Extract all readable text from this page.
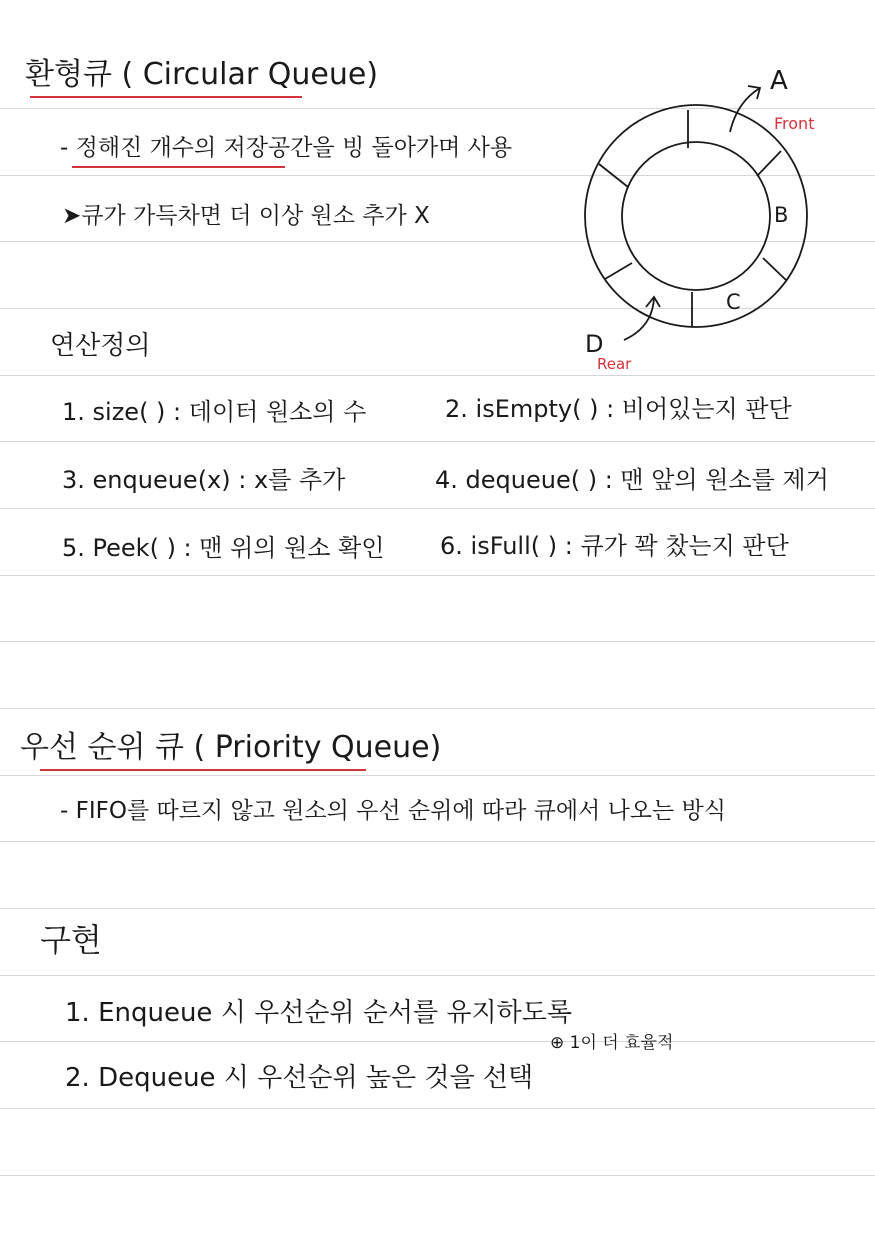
환형큐 ( Circular Queue)
- 정해진 개수의 저장공간을 빙 돌아가며 사용
➤큐가 가득차면 더 이상 원소 추가 X
A
Front
B
C
D
Rear
연산정의
1. size( ) : 데이터 원소의 수	2. isEmpty( ) : 비어있는지 판단
3. enqueue(x) : x를 추가	4. dequeue( ) : 맨 앞의 원소를 제거
5. Peek( ) : 맨 위의 원소 확인 6. isFull( ) : 큐가 꽉 찼는지 판단
우선 순위 큐 ( Priority Queue)
- FIFO를 따르지 않고 원소의 우선 순위에 따라 큐에서 나오는 방식
구현
1. Enqueue 시 우선순위 순서를 유지하도록
2. Dequeue 시 우선순위 높은 것을 선택
⊕ 1이 더 효율적
